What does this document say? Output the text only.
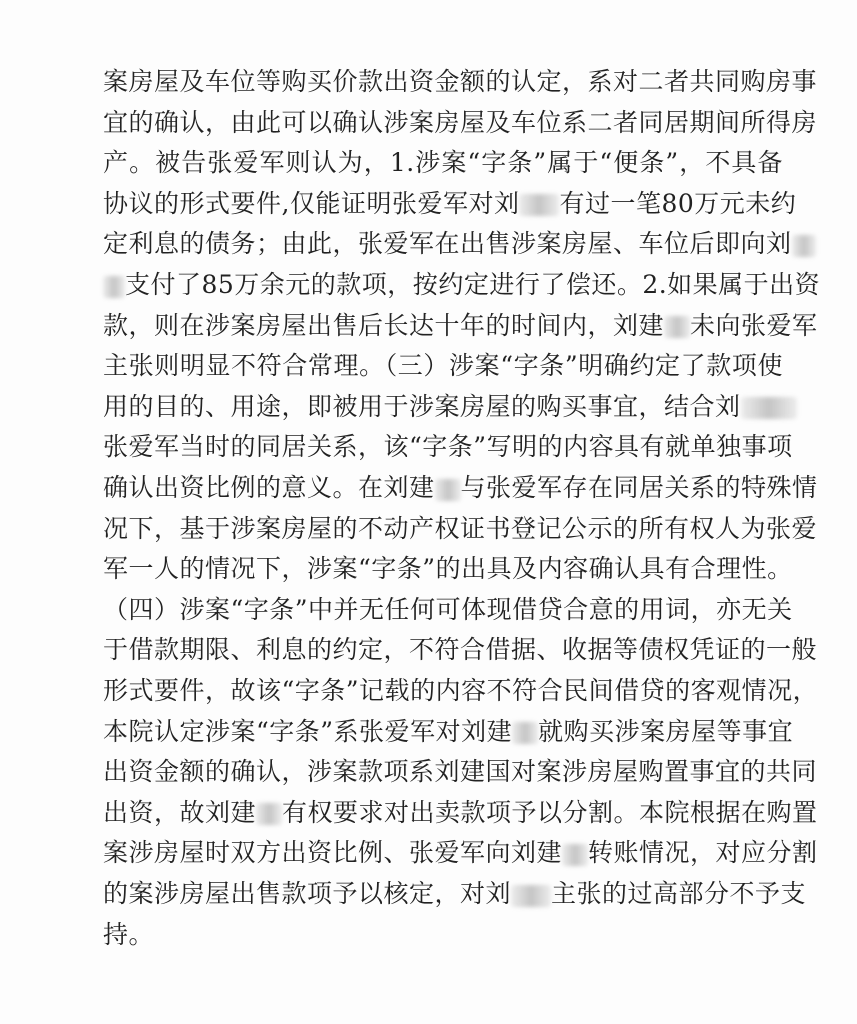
案房屋及车位等购买价款出资金额的认定，系对二者共同购房事
宜的确认，由此可以确认涉案房屋及车位系二者同居期间所得房
产。被告张爱军则认为，1.涉案“字条”属于“便条”，不具备
协议的形式要件,仅能证明张爱军对刘 有过一笔80万元未约
定利息的债务；由此，张爱军在出售涉案房屋、车位后即向刘
支付了85万余元的款项，按约定进行了偿还。2.如果属于出资
款，则在涉案房屋出售后长达十年的时间内，刘建 未向张爱军
主张则明显不符合常理。（三）涉案“字条”明确约定了款项使
用的目的、用途，即被用于涉案房屋的购买事宜，结合刘
张爱军当时的同居关系，该“字条”写明的内容具有就单独事项
确认出资比例的意义。在刘建 与张爱军存在同居关系的特殊情
况下，基于涉案房屋的不动产权证书登记公示的所有权人为张爱
军一人的情况下，涉案“字条”的出具及内容确认具有合理性。
（四）涉案“字条”中并无任何可体现借贷合意的用词，亦无关
于借款期限、利息的约定，不符合借据、收据等债权凭证的一般
形式要件，故该“字条”记载的内容不符合民间借贷的客观情况，
本院认定涉案“字条”系张爱军对刘建 就购买涉案房屋等事宜
出资金额的确认，涉案款项系刘建国对案涉房屋购置事宜的共同
出资，故刘建 有权要求对出卖款项予以分割。本院根据在购置
案涉房屋时双方出资比例、张爱军向刘建 转账情况，对应分割
的案涉房屋出售款项予以核定，对刘 主张的过高部分不予支
持。
